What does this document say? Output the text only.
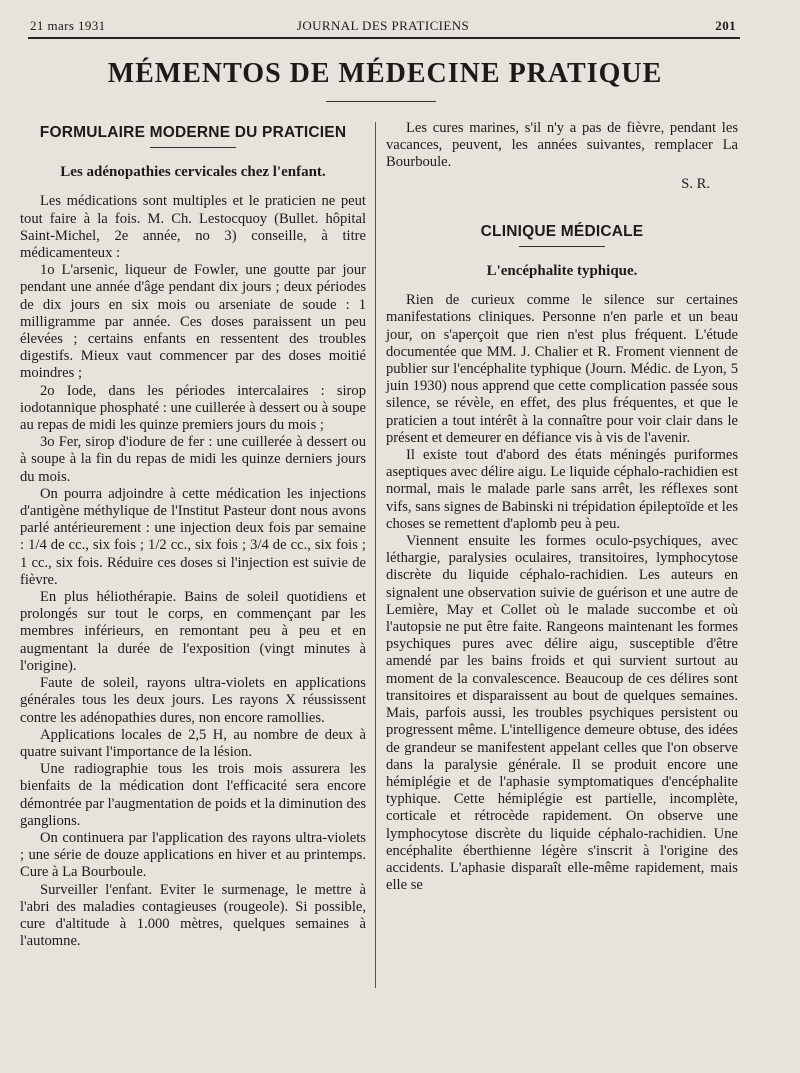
21 mars 1931	JOURNAL DES PRATICIENS	201
MÉMENTOS DE MÉDECINE PRATIQUE
FORMULAIRE MODERNE DU PRATICIEN
Les adénopathies cervicales chez l'enfant.

Les médications sont multiples et le praticien ne peut tout faire à la fois. M. Ch. Lestocquoy (Bullet. hôpital Saint-Michel, 2e année, no 3) conseille, à titre médicamenteux :

1o L'arsenic, liqueur de Fowler, une goutte par jour pendant une année d'âge pendant dix jours ; deux périodes de dix jours en six mois ou arseniate de soude : 1 milligramme par année. Ces doses paraissent un peu élevées ; certains enfants en ressentent des troubles digestifs. Mieux vaut commencer par des doses moitié moindres ;

2o Iode, dans les périodes intercalaires : sirop iodotannique phosphaté : une cuillerée à dessert ou à soupe au repas de midi les quinze premiers jours du mois ;

3o Fer, sirop d'iodure de fer : une cuillerée à dessert ou à soupe à la fin du repas de midi les quinze derniers jours du mois.

On pourra adjoindre à cette médication les injections d'antigène méthylique de l'Institut Pasteur dont nous avons parlé antérieurement : une injection deux fois par semaine : 1/4 de cc., six fois ; 1/2 cc., six fois ; 3/4 de cc., six fois ; 1 cc., six fois. Réduire ces doses si l'injection est suivie de fièvre.

En plus héliothérapie. Bains de soleil quotidiens et prolongés sur tout le corps, en commençant par les membres inférieurs, en remontant peu à peu et en augmentant la durée de l'exposition (vingt minutes à l'origine).

Faute de soleil, rayons ultra-violets en applications générales tous les deux jours. Les rayons X réussissent contre les adénopathies dures, non encore ramollies.

Applications locales de 2,5 H, au nombre de deux à quatre suivant l'importance de la lésion.

Une radiographie tous les trois mois assurera les bienfaits de la médication dont l'efficacité sera encore démontrée par l'augmentation de poids et la diminution des ganglions.

On continuera par l'application des rayons ultra-violets ; une série de douze applications en hiver et au printemps. Cure à La Bourboule.

Surveiller l'enfant. Eviter le surmenage, le mettre à l'abri des maladies contagieuses (rougeole). Si possible, cure d'altitude à 1.000 mètres, quelques semaines à l'automne.

Les cures marines, s'il n'y a pas de fièvre, pendant les vacances, peuvent, les années suivantes, remplacer La Bourboule.

S. R.
CLINIQUE MÉDICALE
L'encéphalite typhique.

Rien de curieux comme le silence sur certaines manifestations cliniques. Personne n'en parle et un beau jour, on s'aperçoit que rien n'est plus fréquent. L'étude documentée que MM. J. Chalier et R. Froment viennent de publier sur l'encéphalite typhique (Journ. Médic. de Lyon, 5 juin 1930) nous apprend que cette complication passée sous silence, se révèle, en effet, des plus fréquentes, et que le praticien a tout intérêt à la connaître pour voir clair dans le présent et demeurer en défiance vis à vis de l'avenir.

Il existe tout d'abord des états méningés puriformes aseptiques avec délire aigu. Le liquide céphalo-rachidien est normal, mais le malade parle sans arrêt, les réflexes sont vifs, sans signes de Babinski ni trépidation épileptoïde et les choses se remettent d'aplomb peu à peu.

Viennent ensuite les formes oculo-psychiques, avec léthargie, paralysies oculaires, transitoires, lymphocytose discrète du liquide céphalo-rachidien. Les auteurs en signalent une observation suivie de guérison et une autre de Lemière, May et Collet où le malade succombe et où l'autopsie ne put être faite. Rangeons maintenant les formes psychiques pures avec délire aigu, susceptible d'être amendé par les bains froids et qui survient surtout au moment de la convalescence. Beaucoup de ces délires sont transitoires et disparaissent au bout de quelques semaines. Mais, parfois aussi, les troubles psychiques persistent ou progressent même. L'intelligence demeure obtuse, des idées de grandeur se manifestent appelant celles que l'on observe dans la paralysie générale. Il se produit encore une hémiplégie et de l'aphasie symptomatiques d'encéphalite typhique. Cette hémiplégie est partielle, incomplète, corticale et rétrocède rapidement. On observe une lymphocytose discrète du liquide céphalo-rachidien. Une encéphalite éberthienne légère s'inscrit à l'origine des accidents. L'aphasie disparaît elle-même rapidement, mais elle se
